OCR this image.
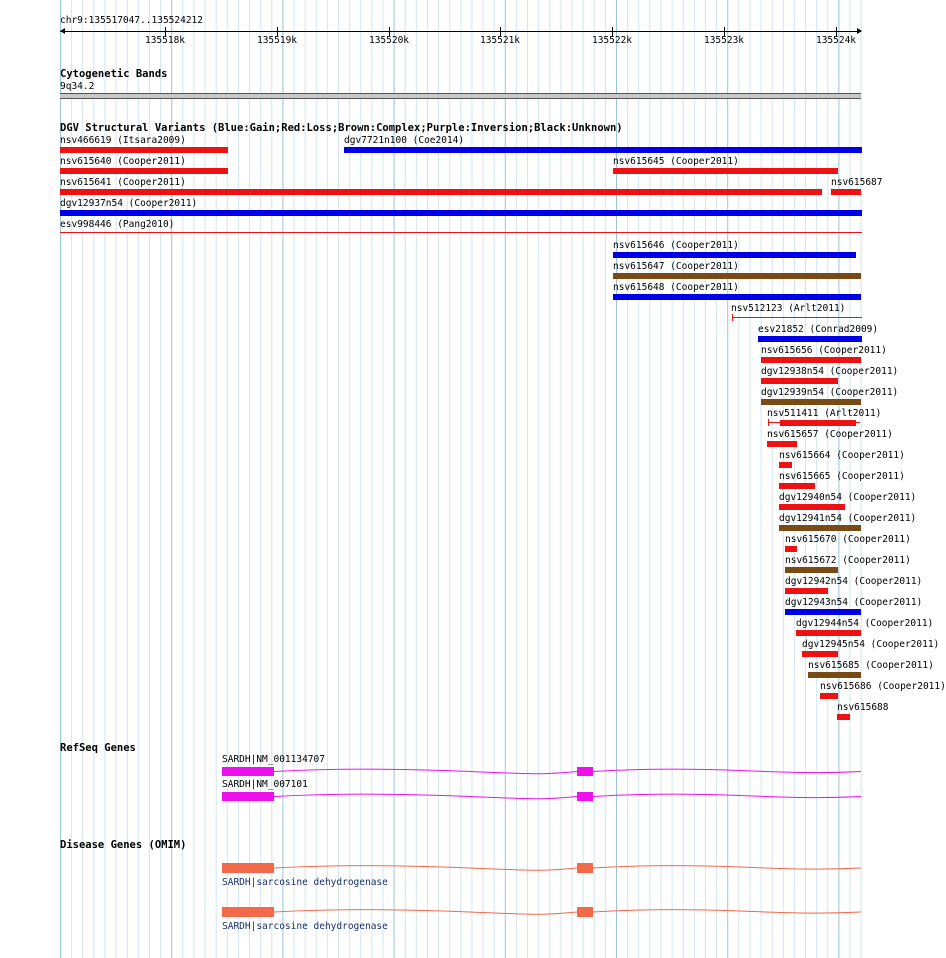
chr9:135517047..135524212
135518k	135519k	135520k	135521k	135522k	135523k	135524k
Cytogenetic Bands
9q34.2
DGV Structural Variants (Blue:Gain;Red:Loss;Brown:Complex;Purple:Inversion;Black:Unknown)
nsv466619 (Itsara2009)	dgv7721n100 (Coe2014)
nsv615640 (Cooper2011)	nsv615645 (Cooper2011)
nsv615641 (Cooper2011)	nsv615687
dgv12937n54 (Cooper2011)
esv998446 (Pang2010)
nsv615646 (Cooper2011)
nsv615647 (Cooper2011)
nsv615648 (Cooper2011)
nsv512123 (Arlt2011)
esv21852 (Conrad2009)
nsv615656 (Cooper2011)
dgv12938n54 (Cooper2011)
dgv12939n54 (Cooper2011)
nsv511411 (Arlt2011)
nsv615657 (Cooper2011)
nsv615664 (Cooper2011)
nsv615665 (Cooper2011)
dgv12940n54 (Cooper2011)
dgv12941n54 (Cooper2011)
nsv615670 (Cooper2011)
nsv615672 (Cooper2011)
dgv12942n54 (Cooper2011)
dgv12943n54 (Cooper2011)
dgv12944n54 (Cooper2011)
dgv12945n54 (Cooper2011)
nsv615685 (Cooper2011)
nsv615686 (Cooper2011)
nsv615688
RefSeq Genes
SARDH|NM_001134707
SARDH|NM_007101
Disease Genes (OMIM)
SARDH|sarcosine dehydrogenase
SARDH|sarcosine dehydrogenase
